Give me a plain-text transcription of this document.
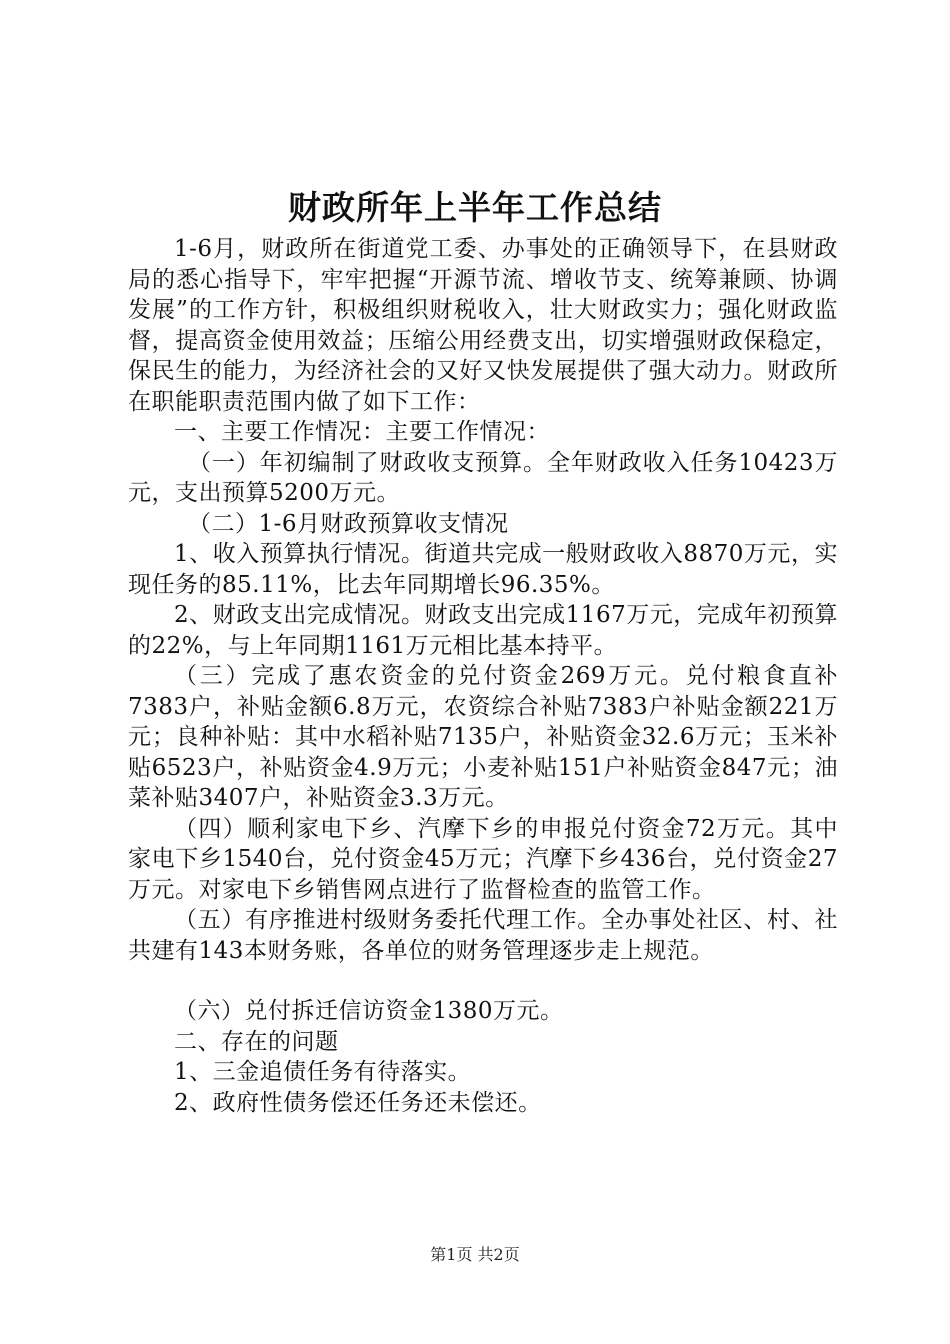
财政所年上半年工作总结

1-6月，财政所在街道党工委、办事处的正确领导下，在县财政局的悉心指导下，牢牢把握“开源节流、增收节支、统筹兼顾、协调发展”的工作方针，积极组织财税收入，壮大财政实力；强化财政监督，提高资金使用效益；压缩公用经费支出，切实增强财政保稳定，保民生的能力，为经济社会的又好又快发展提供了强大动力。财政所在职能职责范围内做了如下工作：

一、主要工作情况：主要工作情况：

（一）年初编制了财政收支预算。全年财政收入任务10423万元，支出预算5200万元。

（二）1-6月财政预算收支情况

1、收入预算执行情况。街道共完成一般财政收入8870万元，实现任务的85.11%，比去年同期增长96.35%。

2、财政支出完成情况。财政支出完成1167万元，完成年初预算的22%，与上年同期1161万元相比基本持平。

（三）完成了惠农资金的兑付资金269万元。兑付粮食直补7383户，补贴金额6.8万元，农资综合补贴7383户补贴金额221万元；良种补贴：其中水稻补贴7135户，补贴资金32.6万元；玉米补贴6523户，补贴资金4.9万元；小麦补贴151户补贴资金847元；油菜补贴3407户，补贴资金3.3万元。

（四）顺利家电下乡、汽摩下乡的申报兑付资金72万元。其中家电下乡1540台，兑付资金45万元；汽摩下乡436台，兑付资金27万元。对家电下乡销售网点进行了监督检查的监管工作。

（五）有序推进村级财务委托代理工作。全办事处社区、村、社共建有143本财务账，各单位的财务管理逐步走上规范。

（六）兑付拆迁信访资金1380万元。

二、存在的问题

1、三金追债任务有待落实。

2、政府性债务偿还任务还未偿还。

第1页 共2页
